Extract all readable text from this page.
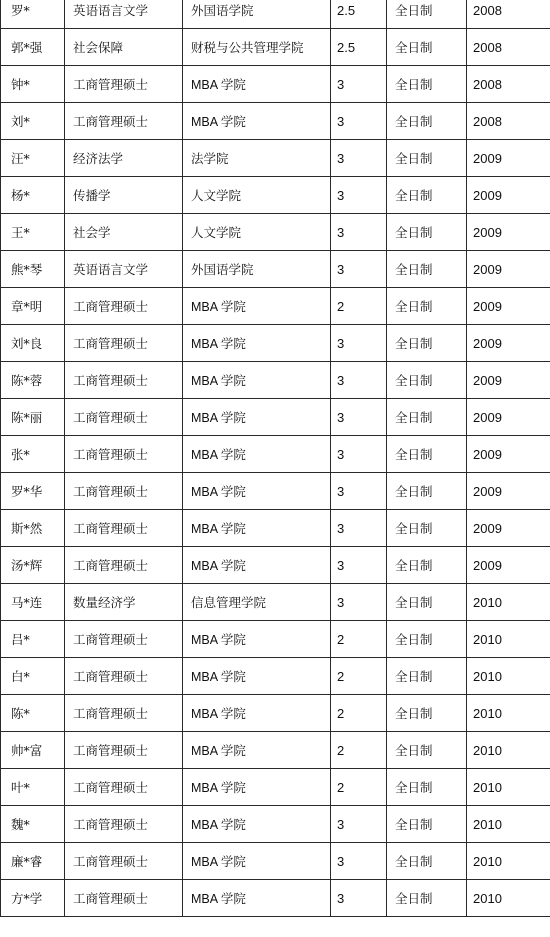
罗*	英语语言文学	外国语学院	2.5	全日制	2008
郭*强	社会保障	财税与公共管理学院	2.5	全日制	2008
钟*	工商管理硕士	MBA 学院	3	全日制	2008
刘*	工商管理硕士	MBA 学院	3	全日制	2008
汪*	经济法学	法学院	3	全日制	2009
杨*	传播学	人文学院	3	全日制	2009
王*	社会学	人文学院	3	全日制	2009
熊*琴	英语语言文学	外国语学院	3	全日制	2009
章*明	工商管理硕士	MBA 学院	2	全日制	2009
刘*良	工商管理硕士	MBA 学院	3	全日制	2009
陈*蓉	工商管理硕士	MBA 学院	3	全日制	2009
陈*丽	工商管理硕士	MBA 学院	3	全日制	2009
张*	工商管理硕士	MBA 学院	3	全日制	2009
罗*华	工商管理硕士	MBA 学院	3	全日制	2009
斯*然	工商管理硕士	MBA 学院	3	全日制	2009
汤*辉	工商管理硕士	MBA 学院	3	全日制	2009
马*连	数量经济学	信息管理学院	3	全日制	2010
吕*	工商管理硕士	MBA 学院	2	全日制	2010
白*	工商管理硕士	MBA 学院	2	全日制	2010
陈*	工商管理硕士	MBA 学院	2	全日制	2010
帅*富	工商管理硕士	MBA 学院	2	全日制	2010
叶*	工商管理硕士	MBA 学院	2	全日制	2010
魏*	工商管理硕士	MBA 学院	3	全日制	2010
廉*睿	工商管理硕士	MBA 学院	3	全日制	2010
方*学	工商管理硕士	MBA 学院	3	全日制	2010
